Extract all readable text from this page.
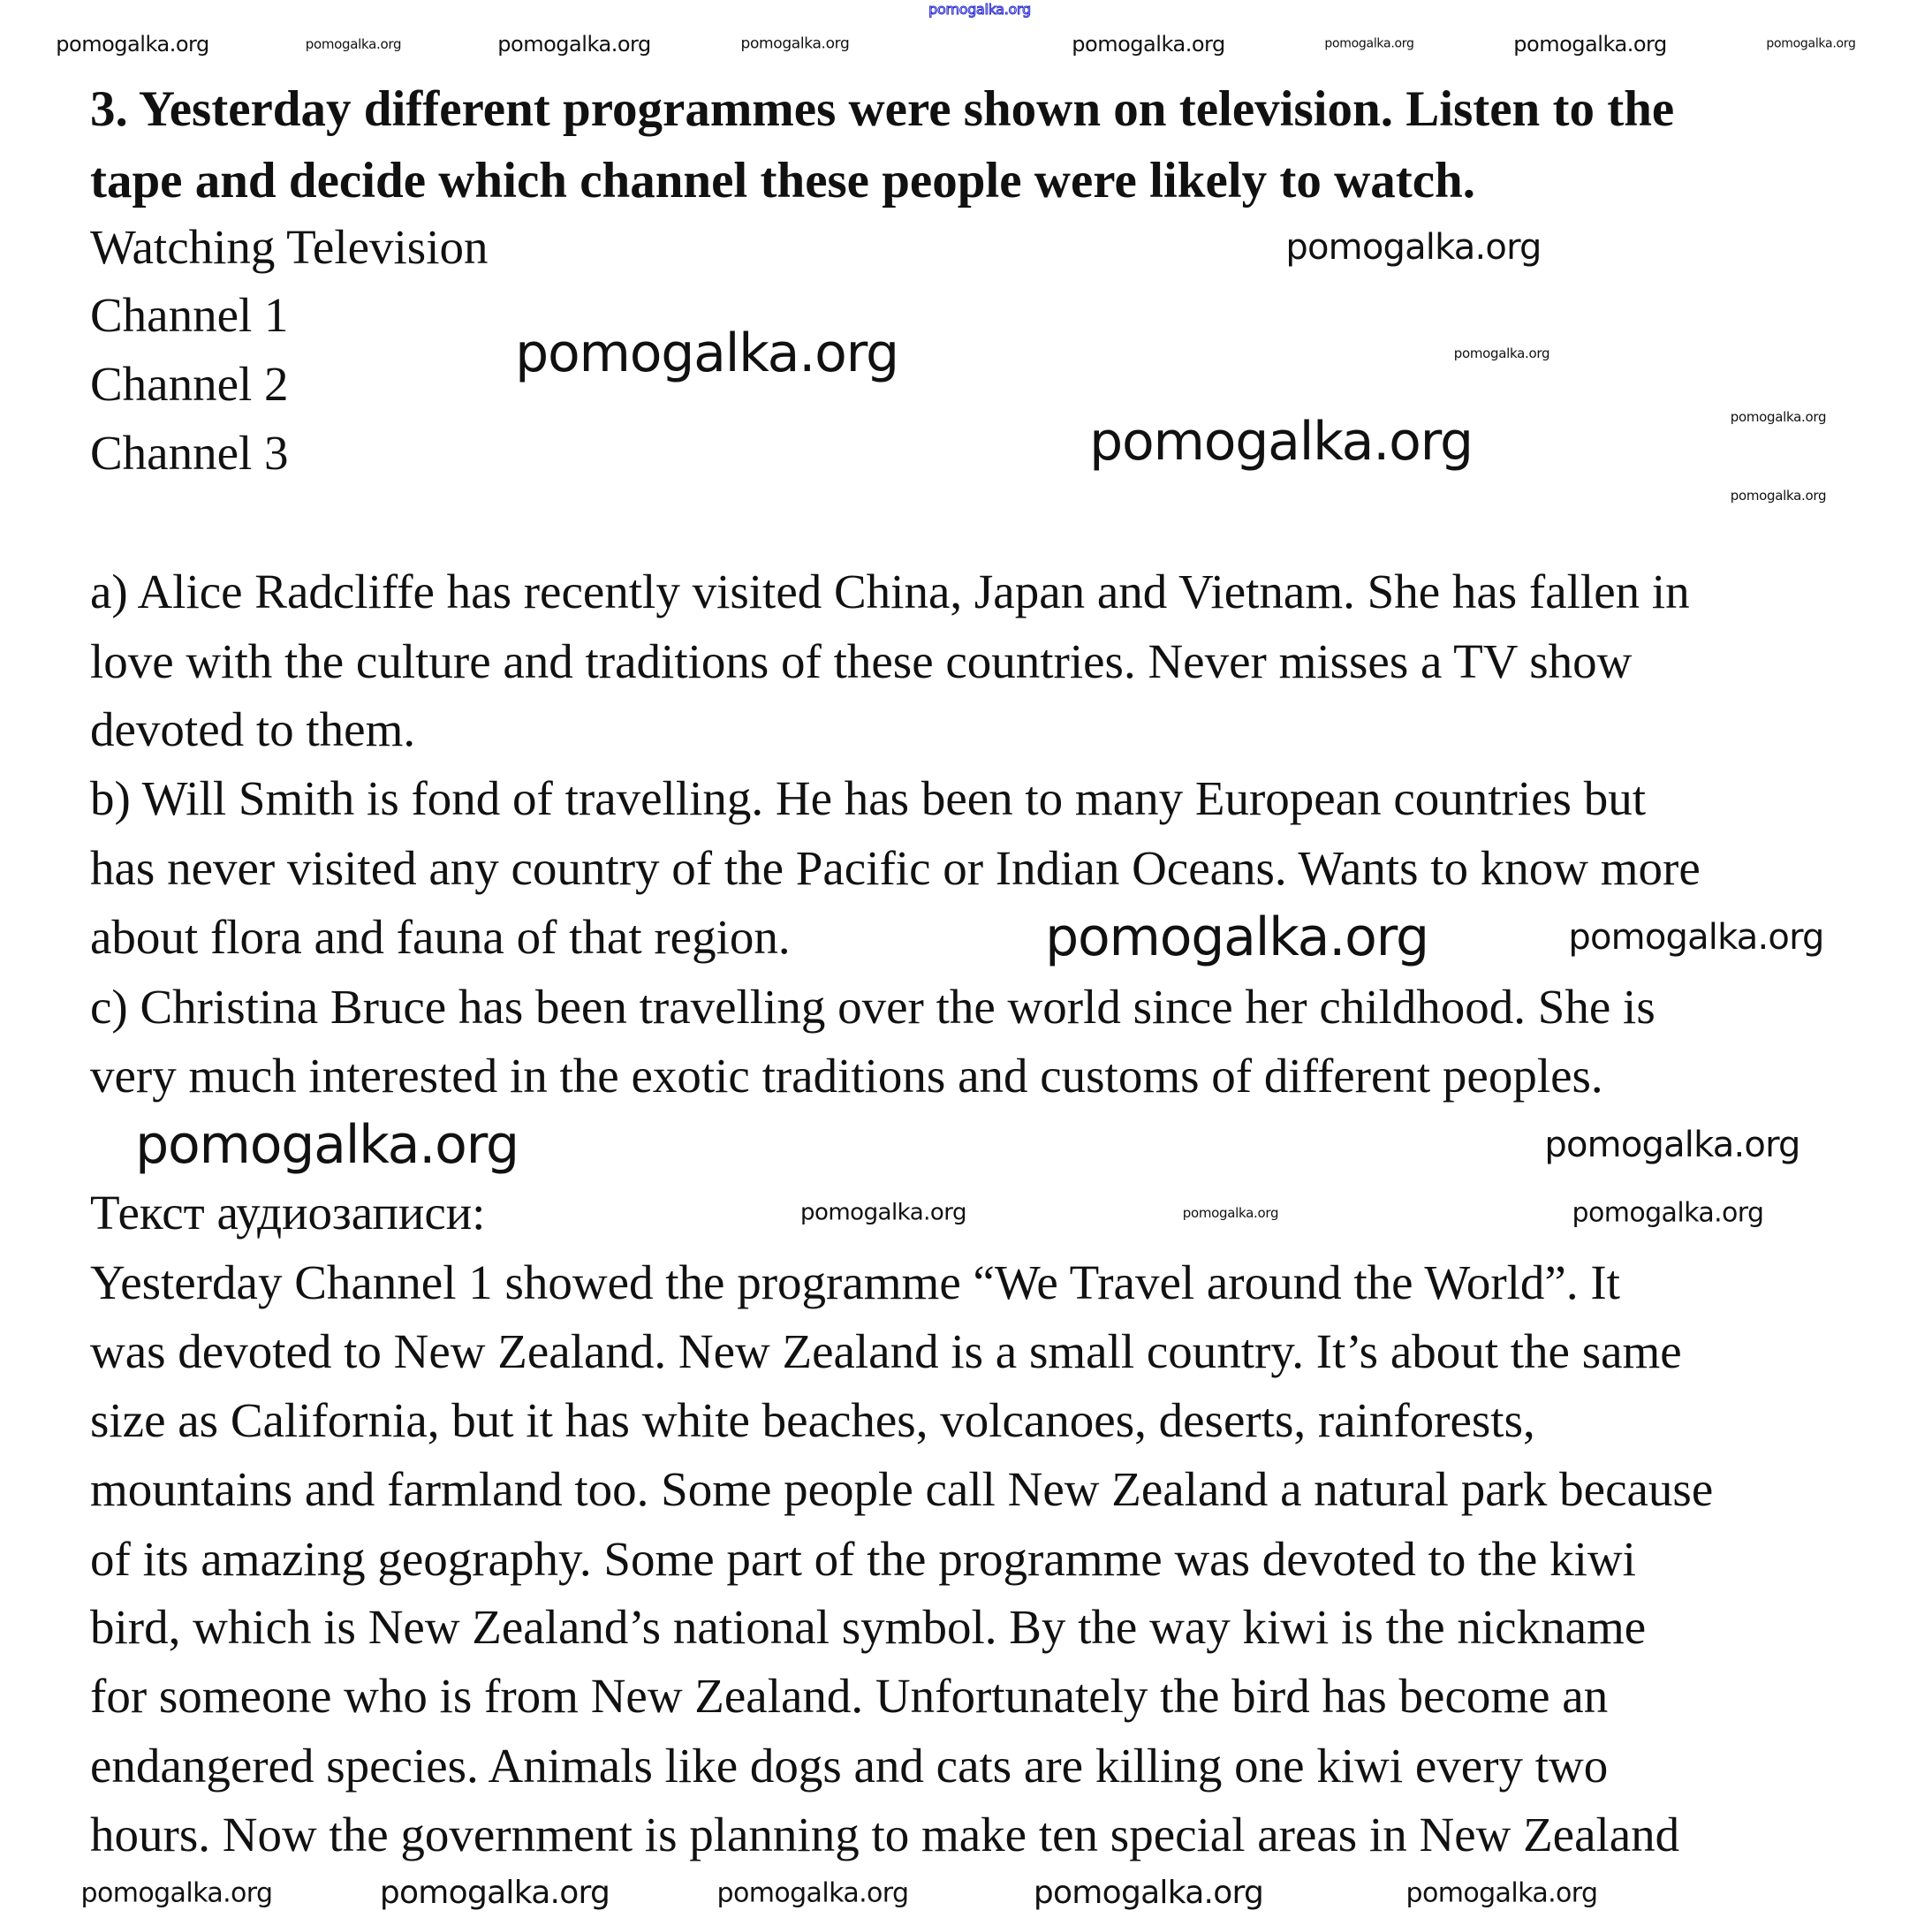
3. Yesterday different programmes were shown on television. Listen to the
tape and decide which channel these people were likely to watch.
Watching Television
Channel 1
Channel 2
Channel 3
a) Alice Radcliffe has recently visited China, Japan and Vietnam. She has fallen in
love with the culture and traditions of these countries. Never misses a TV show
devoted to them.
b) Will Smith is fond of travelling. He has been to many European countries but
has never visited any country of the Pacific or Indian Oceans. Wants to know more
about flora and fauna of that region.
c) Christina Bruce has been travelling over the world since her childhood. She is
very much interested in the exotic traditions and customs of different peoples.
Текст аудиозаписи:
Yesterday Channel 1 showed the programme “We Travel around the World”. It
was devoted to New Zealand. New Zealand is a small country. It’s about the same
size as California, but it has white beaches, volcanoes, deserts, rainforests,
mountains and farmland too. Some people call New Zealand a natural park because
of its amazing geography. Some part of the programme was devoted to the kiwi
bird, which is New Zealand’s national symbol. By the way kiwi is the nickname
for someone who is from New Zealand. Unfortunately the bird has become an
endangered species. Animals like dogs and cats are killing one kiwi every two
hours. Now the government is planning to make ten special areas in New Zealand
pomogalka.org
pomogalka.org	pomogalka.org	pomogalka.org	pomogalka.org	pomogalka.org	pomogalka.org	pomogalka.org	pomogalka.org
pomogalka.org
pomogalka.org	pomogalka.org
pomogalka.org
pomogalka.org
pomogalka.org
pomogalka.org	pomogalka.org
pomogalka.org	pomogalka.org
pomogalka.org	pomogalka.org	pomogalka.org
pomogalka.org	pomogalka.org	pomogalka.org	pomogalka.org	pomogalka.org
